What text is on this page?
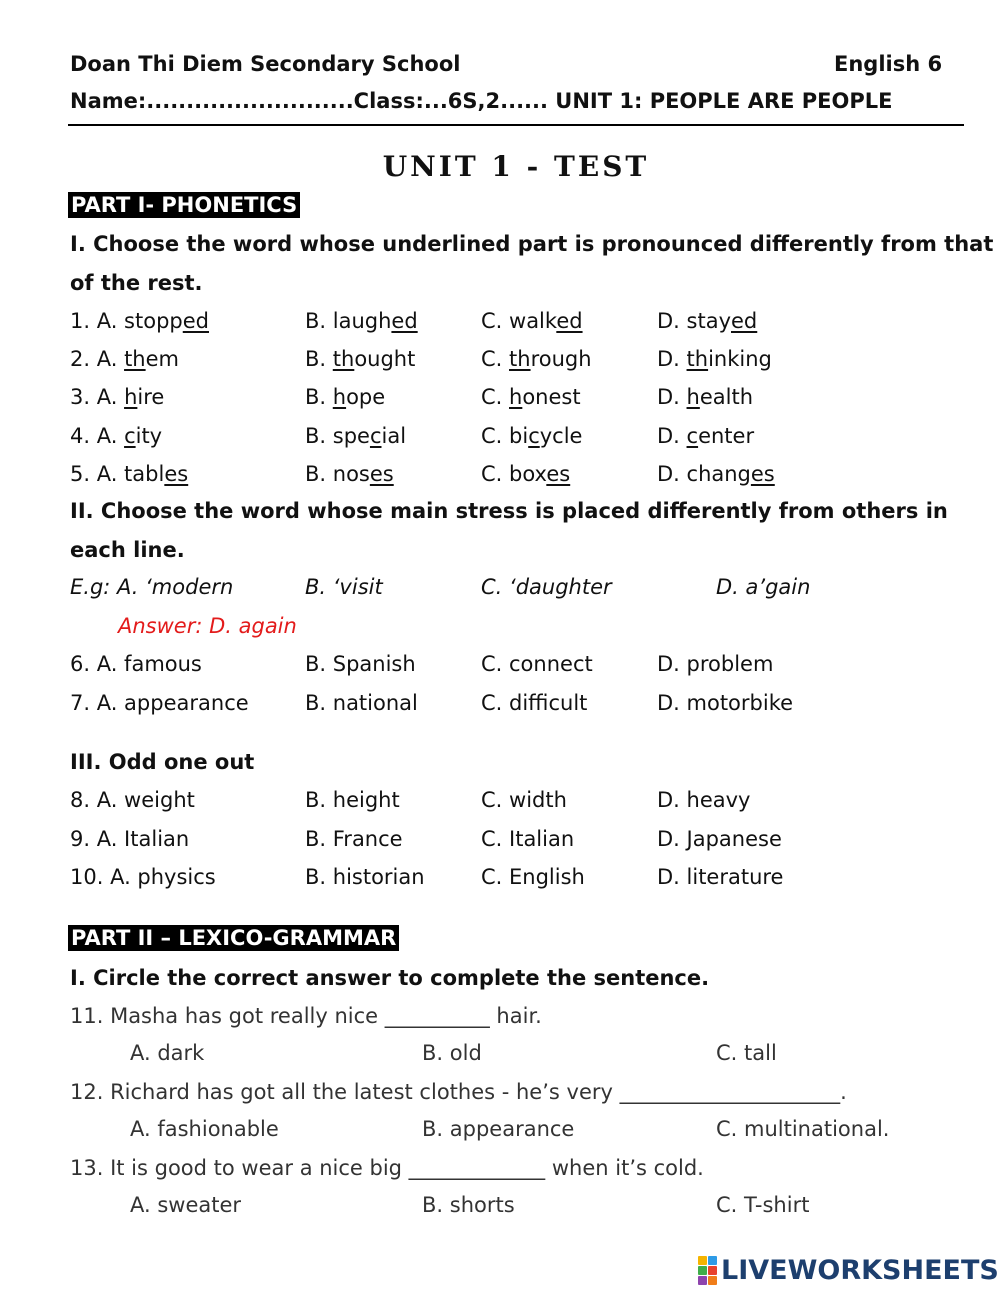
Doan Thi Diem Secondary School	English 6
Name:..........................Class:...6S,2...... UNIT 1: PEOPLE ARE PEOPLE
UNIT 1 - TEST
PART I- PHONETICS
I. Choose the word whose underlined part is pronounced differently from that
of the rest.
II. Choose the word whose main stress is placed differently from others in
each line.
E.g: A. ‘modern	B. ‘visit	C. ‘daughter	D. a’gain
Answer: D. again
III. Odd one out
PART II – LEXICO-GRAMMAR
I. Circle the correct answer to complete the sentence.
LIVEWORKSHEETS
1. A. stopped	B. laughed	C. walked	D. stayed
2. A. them	B. thought	C. through	D. thinking
3. A. hire	B. hope	C. honest	D. health
4. A. city	B. special	C. bicycle	D. center
5. A. tables	B. noses	C. boxes	D. changes
6. A. famous	B. Spanish	C. connect	D. problem
7. A. appearance	B. national	C. difficult	D. motorbike
8. A. weight	B. height	C. width	D. heavy
9. A. Italian	B. France	C. Italian	D. Japanese
10. A. physics	B. historian	C. English	D. literature
11. Masha has got really nice __________ hair.
A. dark	B. old	C. tall
12. Richard has got all the latest clothes - he’s very _____________________.
A. fashionable	B. appearance	C. multinational.
13. It is good to wear a nice big _____________ when it’s cold.
A. sweater	B. shorts	C. T-shirt
